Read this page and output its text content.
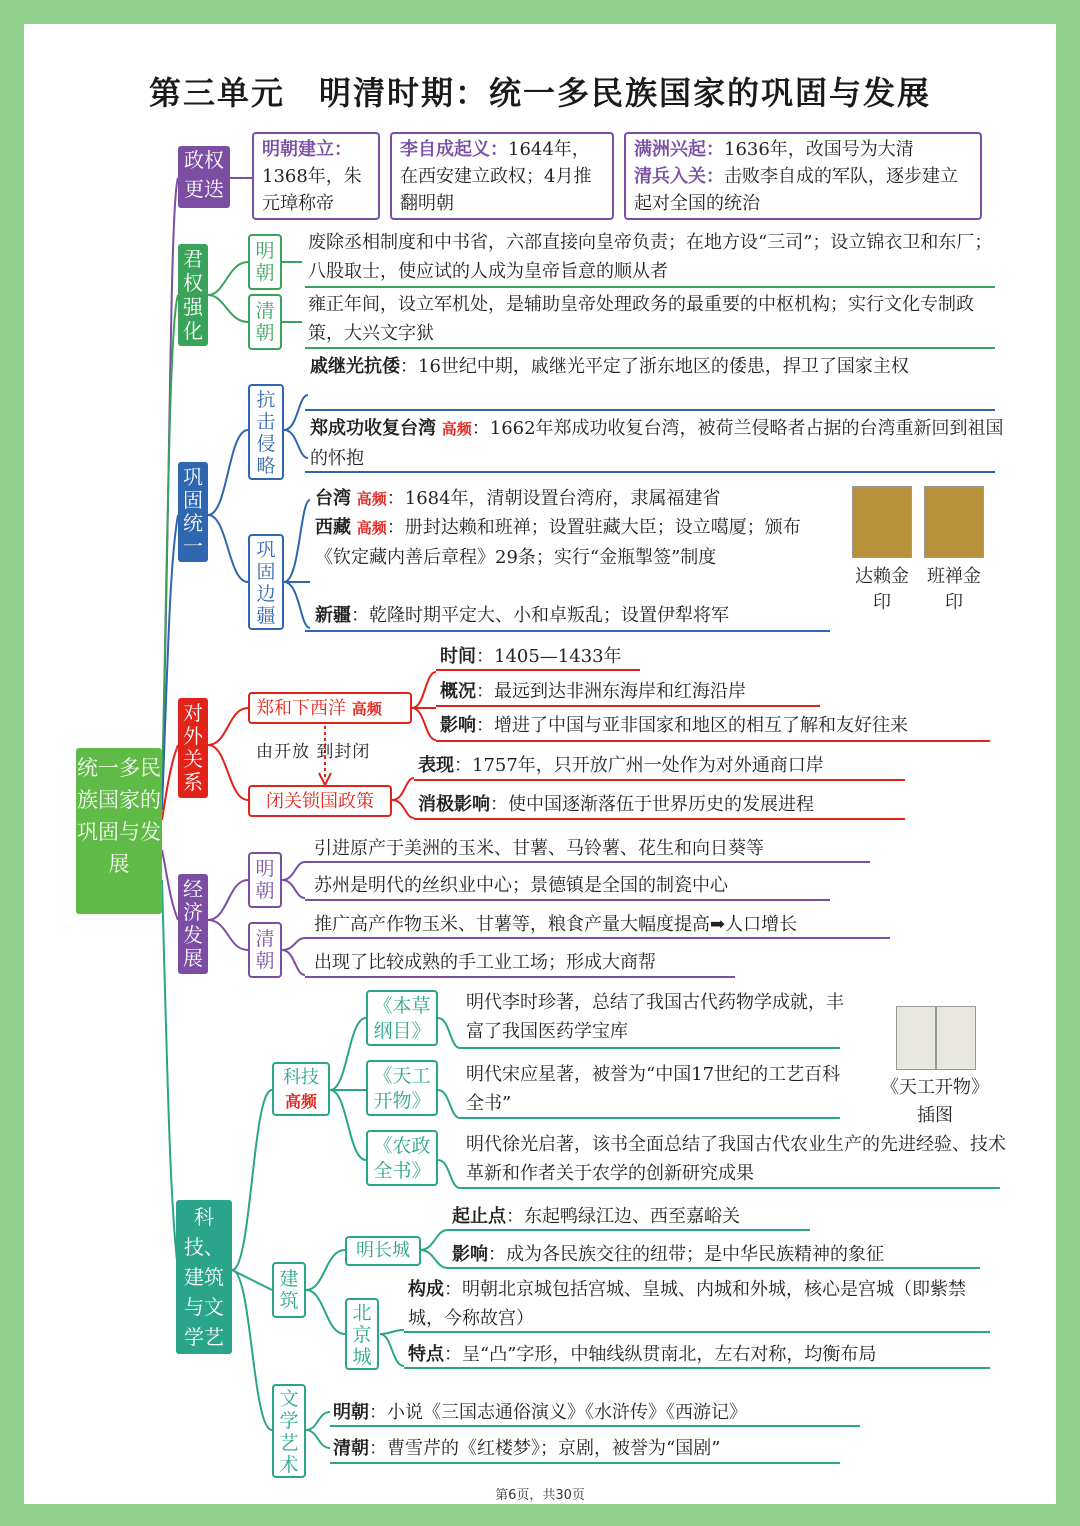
第三单元　明清时期：统一多民族国家的巩固与发展
统一多民族国家的巩固与发展
政权更迭
明朝建立：1368年，朱元璋称帝
李自成起义：1644年，在西安建立政权；4月推翻明朝
满洲兴起：1636年，改国号为大清
清兵入关：击败李自成的军队，逐步建立起对全国的统治
君权强化
明朝
废除丞相制度和中书省，六部直接向皇帝负责；在地方设“三司”；设立锦衣卫和东厂；八股取士，使应试的人成为皇帝旨意的顺从者
清朝
雍正年间，设立军机处，是辅助皇帝处理政务的最重要的中枢机构；实行文化专制政策，大兴文字狱
巩固统一
抗击侵略
戚继光抗倭：16世纪中期，戚继光平定了浙东地区的倭患，捍卫了国家主权
郑成功收复台湾 高频：1662年郑成功收复台湾，被荷兰侵略者占据的台湾重新回到祖国的怀抱
巩固边疆
台湾 高频：1684年，清朝设置台湾府，隶属福建省
西藏 高频：册封达赖和班禅；设置驻藏大臣；设立噶厦；颁布《钦定藏内善后章程》29条；实行“金瓶掣签”制度
新疆：乾隆时期平定大、小和卓叛乱；设置伊犁将军
达赖金印
班禅金印
对外关系
郑和下西洋 高频
时间：1405—1433年
概况：最远到达非洲东海岸和红海沿岸
影响：增进了中国与亚非国家和地区的相互了解和友好往来
由开放 到封闭
闭关锁国政策
表现：1757年，只开放广州一处作为对外通商口岸
消极影响：使中国逐渐落伍于世界历史的发展进程
经济发展
明朝
引进原产于美洲的玉米、甘薯、马铃薯、花生和向日葵等
苏州是明代的丝织业中心；景德镇是全国的制瓷中心
清朝
推广高产作物玉米、甘薯等，粮食产量大幅度提高➡人口增长
出现了比较成熟的手工业工场；形成大商帮
科技、建筑与文学艺术
科技
高频
《本草纲目》
明代李时珍著，总结了我国古代药物学成就，丰富了我国医药学宝库
《天工开物》
明代宋应星著，被誉为“中国17世纪的工艺百科全书”
《农政全书》
明代徐光启著，该书全面总结了我国古代农业生产的先进经验、技术革新和作者关于农学的创新研究成果
《天工开物》插图
建筑
明长城
起止点：东起鸭绿江边、西至嘉峪关
影响：成为各民族交往的纽带；是中华民族精神的象征
北京城
构成：明朝北京城包括宫城、皇城、内城和外城，核心是宫城（即紫禁城，今称故宫）
特点：呈“凸”字形，中轴线纵贯南北，左右对称，均衡布局
文学艺术
明朝：小说《三国志通俗演义》《水浒传》《西游记》
清朝：曹雪芹的《红楼梦》；京剧，被誉为“国剧”
第6页，共30页
